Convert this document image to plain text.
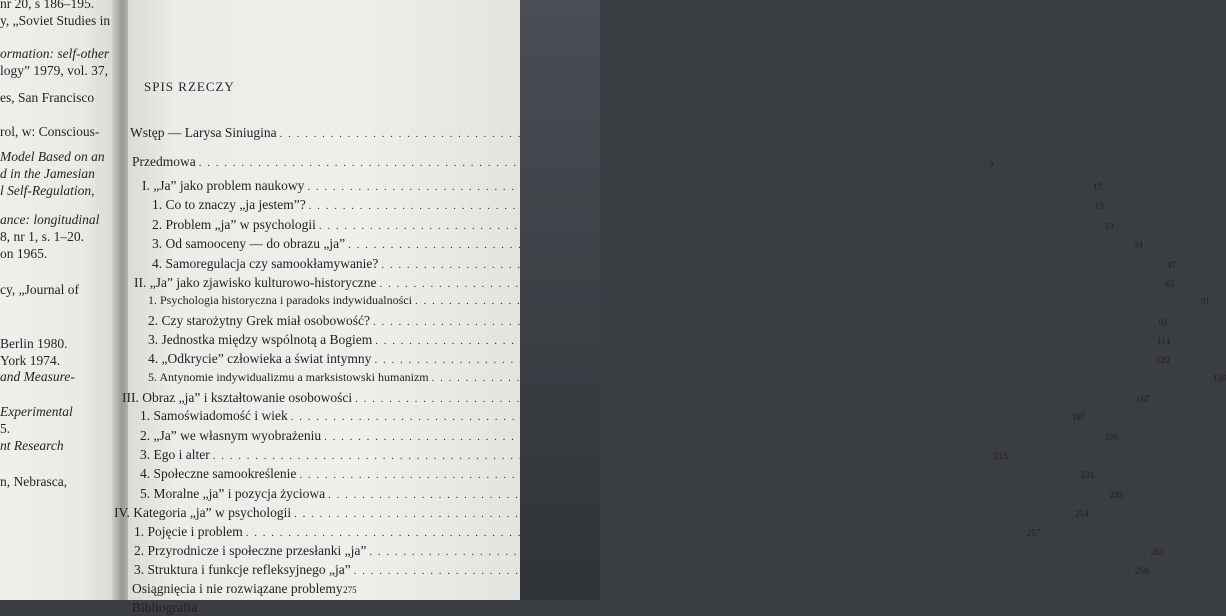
nr 20, s 186–195.
y, „Soviet Studies in
ormation: self-other
logy” 1979, vol. 37,
es, San Francisco
rol, w: Conscious-
Model Based on an
d in the Jamesian
l Self-Regulation,
ance: longitudinal
8, nr 1, s. 1–20.
on 1965.
cy, „Journal of
Berlin 1980.
York 1974.
and Measure-
Experimental
5.
nt Research
n, Nebrasca,
SPIS RZECZY
Wstęp — Larysa Siniugina
. . .
Przedmowa . . .	5
I. „Ja” jako problem naukowy . . .	17
1. Co to znaczy „ja jestem”? . . .	19
2. Problem „ja” w psychologii . . .	19
3. Od samooceny — do obrazu „ja” . . .	34
4. Samoregulacja czy samookłamywanie? . . .	47
II. „Ja” jako zjawisko kulturowo-historyczne . . .	65
1. Psychologia historyczna i paradoks indywidualności . . .	91
2. Czy starożytny Grek miał osobowość? . . .	91
3. Jednostka między wspólnotą a Bogiem . . .	114
4. „Odkrycie” człowieka a świat intymny . . .	129
5. Antynomie indywidualizmu a marksistowski humanizm . . .	139
III. Obraz „ja” i kształtowanie osobowości . . .	167
1. Samoświadomość i wiek . . .	187
2. „Ja” we własnym wyobrażeniu . . .	196
3. Ego i alter . . .	215
4. Społeczne samookreślenie . . .	231
5. Moralne „ja” i pozycja życiowa . . .	243
IV. Kategoria „ja” w psychologii . . .	254
1. Pojęcie i problem . . .	257
2. Przyrodnicze i społeczne przesłanki „ja” . . .	261
3. Struktura i funkcje refleksyjnego „ja” . . .	269
Osiągnięcia i nie rozwiązane problemy 275
Bibliografia
